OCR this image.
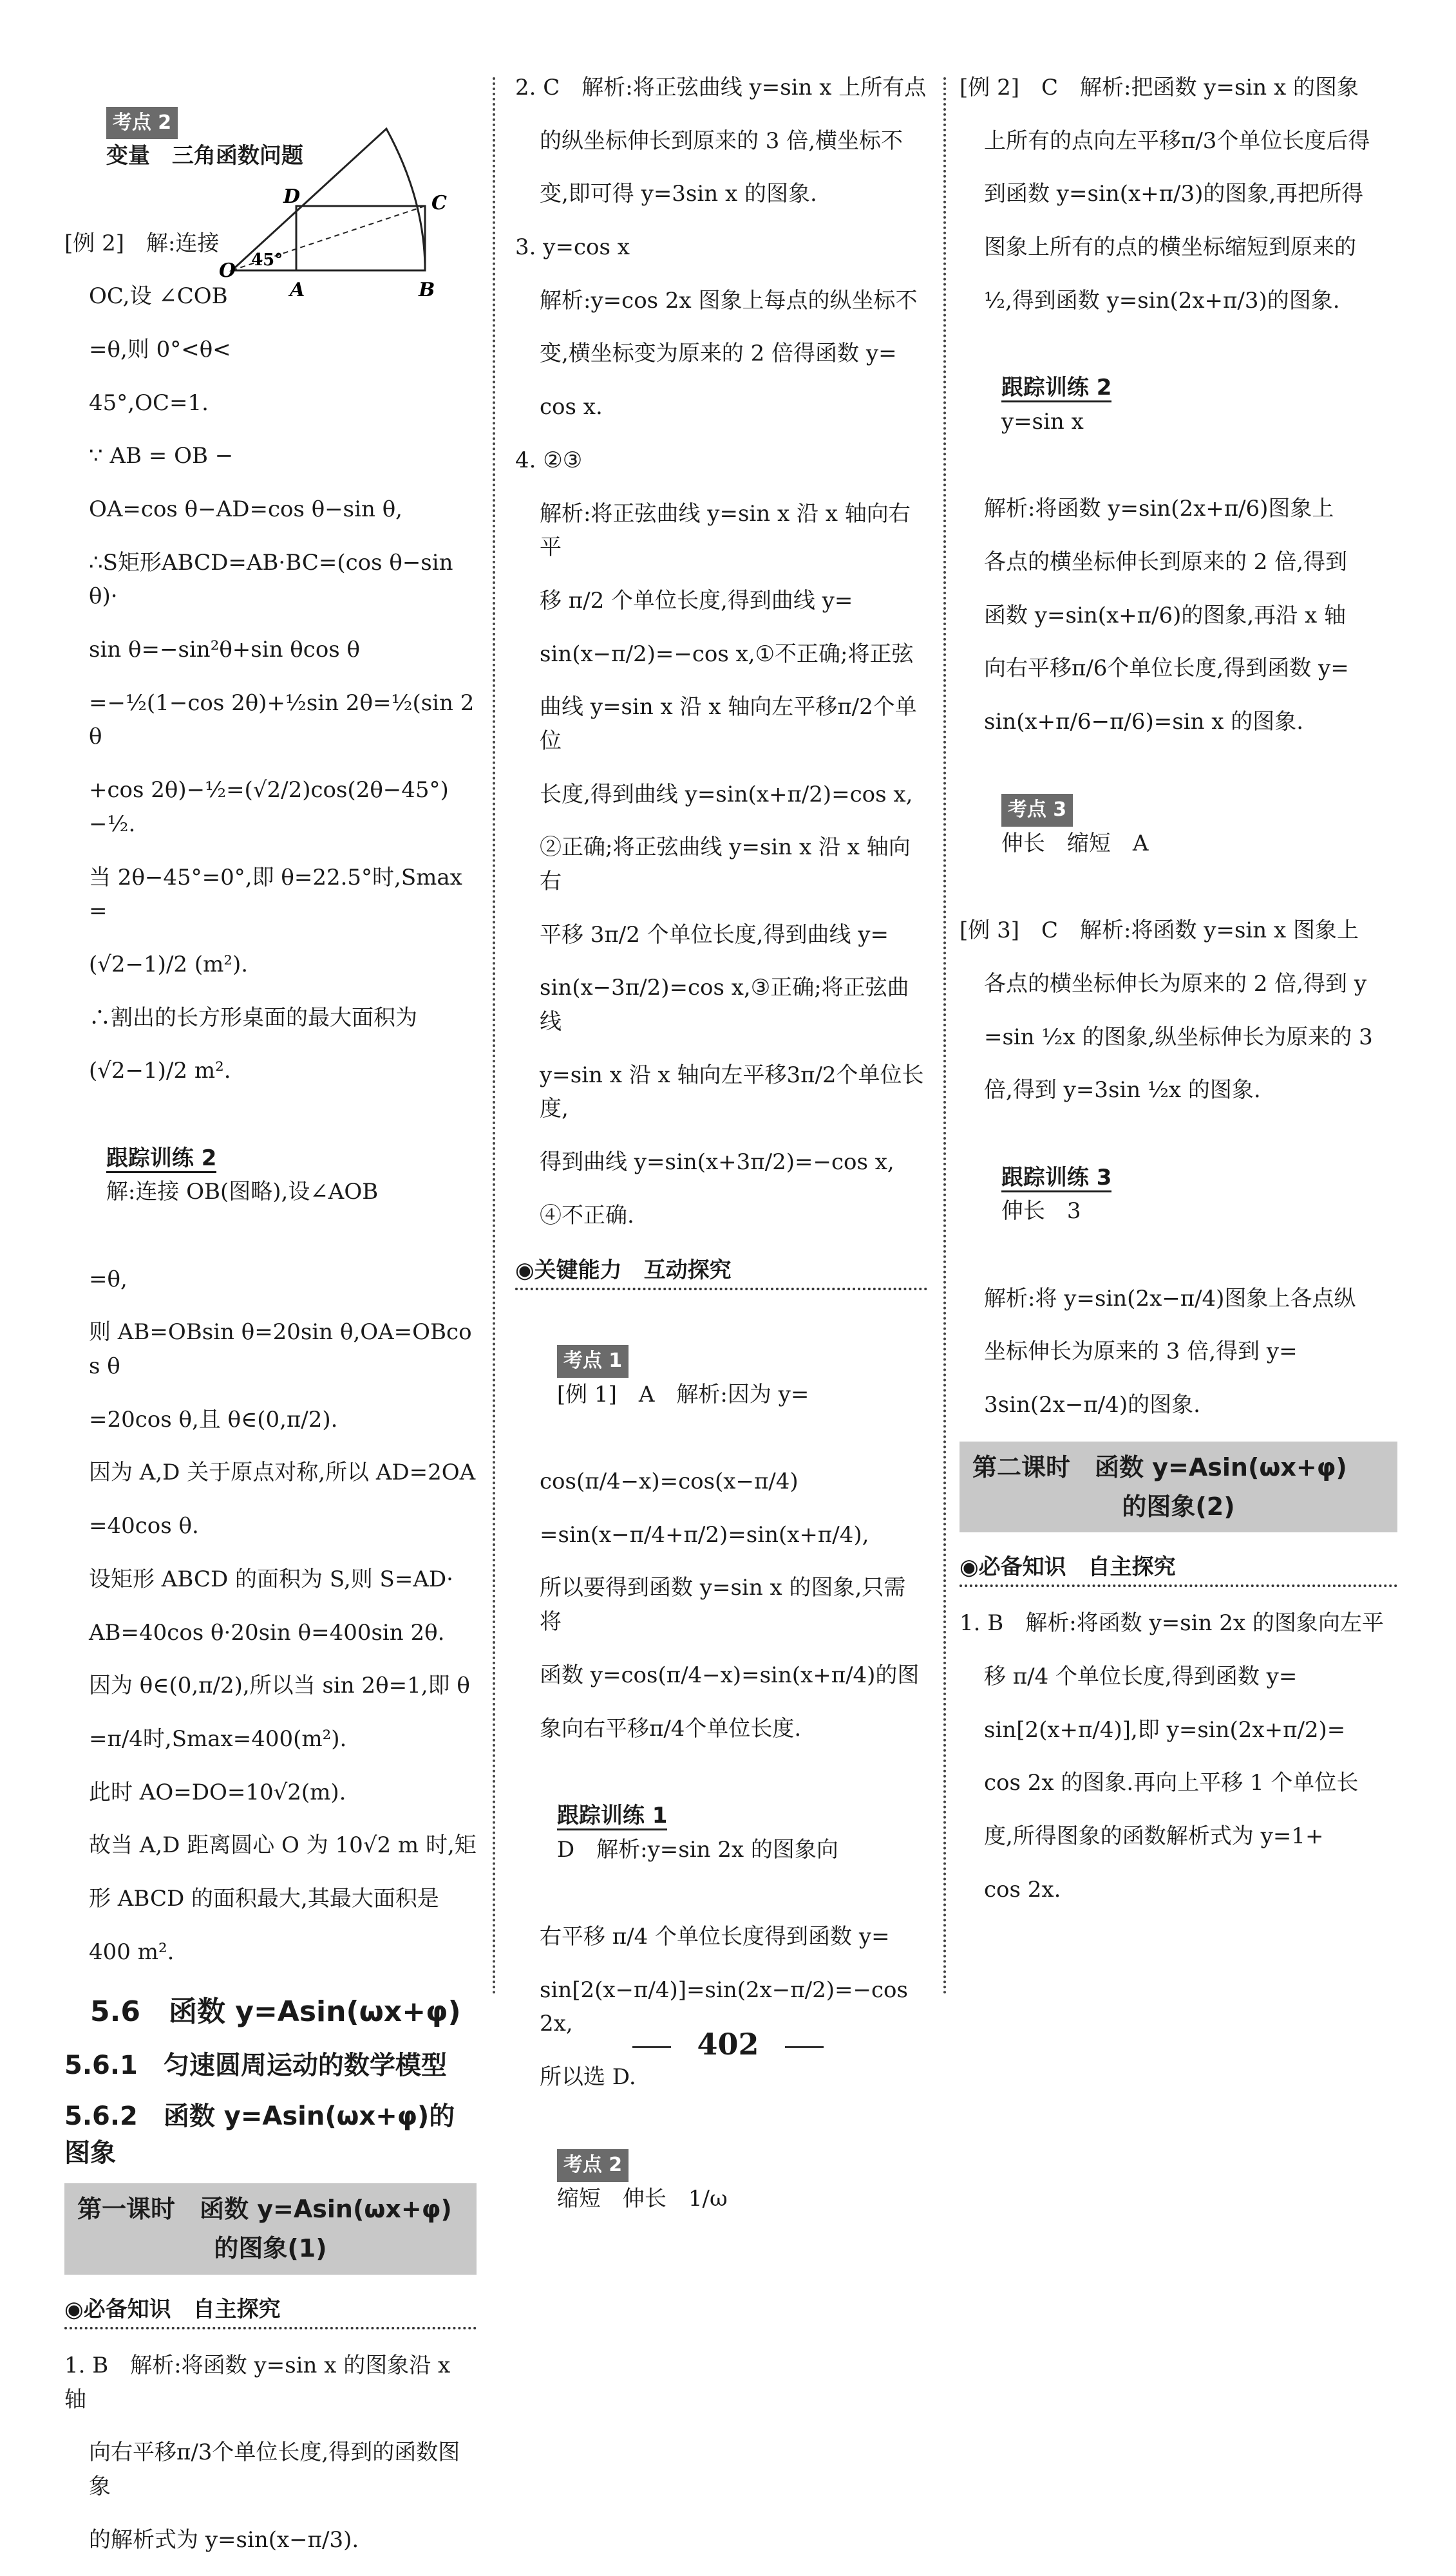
考点 2
变量　三角函数问题

D	C
O
A	B
45°
[例 2]　解:连接
OC,设 ∠COB
=θ,则 0°<θ<
45°,OC=1.
∵ AB = OB −
OA=cos θ−AD=cos θ−sin θ,
∴S矩形ABCD=AB·BC=(cos θ−sin θ)·
sin θ=−sin²θ+sin θcos θ
=−½(1−cos 2θ)+½sin 2θ=½(sin 2θ
+cos 2θ)−½=(√2/2)cos(2θ−45°)−½.
当 2θ−45°=0°,即 θ=22.5°时,Smax=
(√2−1)/2 (m²).
∴割出的长方形桌面的最大面积为
(√2−1)/2 m².

跟踪训练 2
解:连接 OB(图略),设∠AOB

=θ,
则 AB=OBsin θ=20sin θ,OA=OBcos θ
=20cos θ,且 θ∈(0,π/2).
因为 A,D 关于原点对称,所以 AD=2OA
=40cos θ.
设矩形 ABCD 的面积为 S,则 S=AD·
AB=40cos θ·20sin θ=400sin 2θ.
因为 θ∈(0,π/2),所以当 sin 2θ=1,即 θ
=π/4时,Smax=400(m²).
此时 AO=DO=10√2(m).
故当 A,D 距离圆心 O 为 10√2 m 时,矩
形 ABCD 的面积最大,其最大面积是
400 m².
5.6　函数 y=Asin(ωx+φ)
5.6.1　匀速圆周运动的数学模型
5.6.2　函数 y=Asin(ωx+φ)的图象
第一课时　函数 y=Asin(ωx+φ)
的图象(1)
◉必备知识　自主探究
1. B　解析:将函数 y=sin x 的图象沿 x 轴
向右平移π/3个单位长度,得到的函数图象
的解析式为 y=sin(x−π/3).
2. C　解析:将正弦曲线 y=sin x 上所有点
的纵坐标伸长到原来的 3 倍,横坐标不
变,即可得 y=3sin x 的图象.
3. y=cos x
解析:y=cos 2x 图象上每点的纵坐标不
变,横坐标变为原来的 2 倍得函数 y=
cos x.
4. ②③
解析:将正弦曲线 y=sin x 沿 x 轴向右平
移 π/2 个单位长度,得到曲线 y=
sin(x−π/2)=−cos x,①不正确;将正弦
曲线 y=sin x 沿 x 轴向左平移π/2个单位
长度,得到曲线 y=sin(x+π/2)=cos x,
②正确;将正弦曲线 y=sin x 沿 x 轴向右
平移 3π/2 个单位长度,得到曲线 y=
sin(x−3π/2)=cos x,③正确;将正弦曲线
y=sin x 沿 x 轴向左平移3π/2个单位长度,
得到曲线 y=sin(x+3π/2)=−cos x,
④不正确.
◉关键能力　互动探究

考点 1
[例 1]　A　解析:因为 y=

cos(π/4−x)=cos(x−π/4)
=sin(x−π/4+π/2)=sin(x+π/4),
所以要得到函数 y=sin x 的图象,只需将
函数 y=cos(π/4−x)=sin(x+π/4)的图
象向右平移π/4个单位长度.

跟踪训练 1
D　解析:y=sin 2x 的图象向

右平移 π/4 个单位长度得到函数 y=
sin[2(x−π/4)]=sin(2x−π/2)=−cos 2x,
所以选 D.

考点 2
缩短　伸长　1/ω

[例 2]　C　解析:把函数 y=sin x 的图象
上所有的点向左平移π/3个单位长度后得
到函数 y=sin(x+π/3)的图象,再把所得
图象上所有的点的横坐标缩短到原来的
½,得到函数 y=sin(2x+π/3)的图象.

跟踪训练 2
y=sin x

解析:将函数 y=sin(2x+π/6)图象上
各点的横坐标伸长到原来的 2 倍,得到
函数 y=sin(x+π/6)的图象,再沿 x 轴
向右平移π/6个单位长度,得到函数 y=
sin(x+π/6−π/6)=sin x 的图象.

考点 3
伸长　缩短　A

[例 3]　C　解析:将函数 y=sin x 图象上
各点的横坐标伸长为原来的 2 倍,得到 y
=sin ½x 的图象,纵坐标伸长为原来的 3
倍,得到 y=3sin ½x 的图象.

跟踪训练 3
伸长　3

解析:将 y=sin(2x−π/4)图象上各点纵
坐标伸长为原来的 3 倍,得到 y=
3sin(2x−π/4)的图象.
第二课时　函数 y=Asin(ωx+φ)
的图象(2)
◉必备知识　自主探究
1. B　解析:将函数 y=sin 2x 的图象向左平
移 π/4 个单位长度,得到函数 y=
sin[2(x+π/4)],即 y=sin(2x+π/2)=
cos 2x 的图象.再向上平移 1 个单位长
度,所得图象的函数解析式为 y=1+
cos 2x.
402
